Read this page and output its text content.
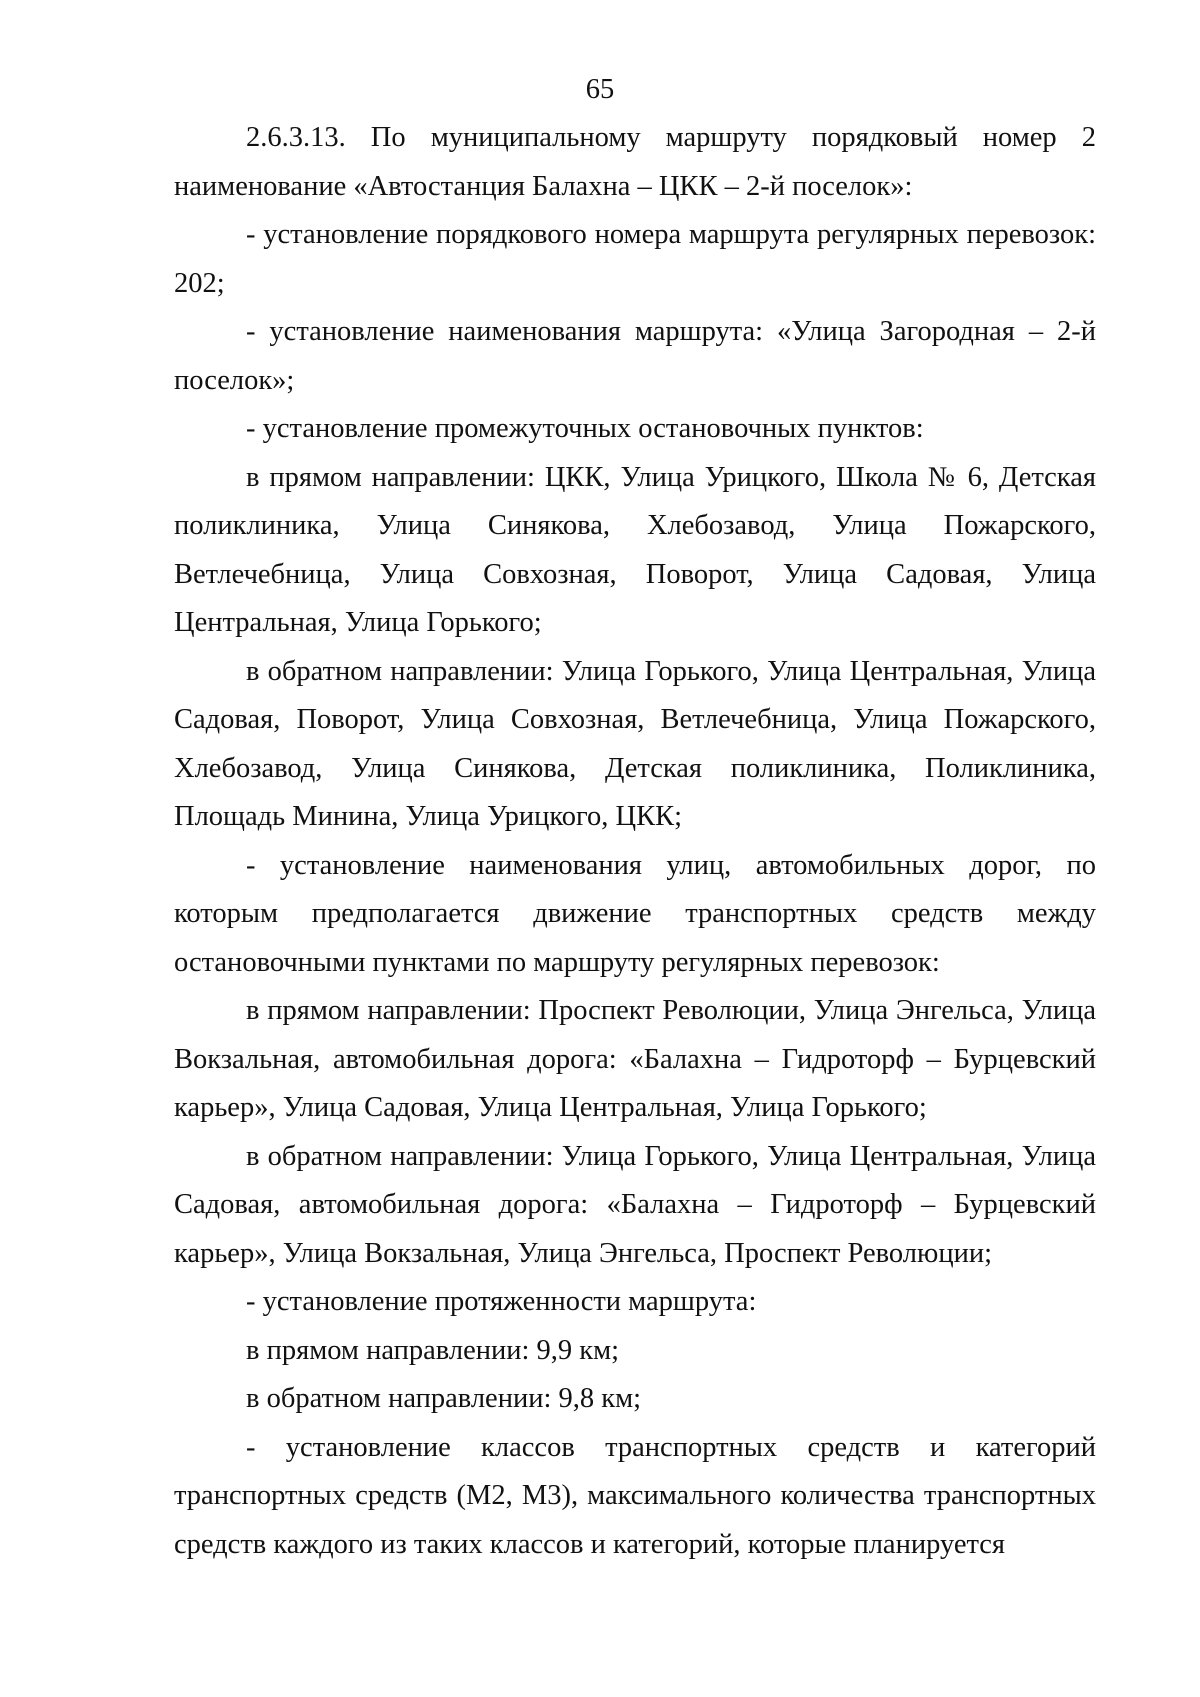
65

2.6.3.13. По муниципальному маршруту порядковый номер 2 наименование «Автостанция Балахна – ЦКК – 2-й поселок»:

- установление порядкового номера маршрута регулярных перевозок: 202;

- установление наименования маршрута: «Улица Загородная – 2-й поселок»;

- установление промежуточных остановочных пунктов:

в прямом направлении: ЦКК, Улица Урицкого, Школа № 6, Детская поликлиника, Улица Синякова, Хлебозавод, Улица Пожарского, Ветлечебница, Улица Совхозная, Поворот, Улица Садовая, Улица Центральная, Улица Горького;

в обратном направлении: Улица Горького, Улица Центральная, Улица Садовая, Поворот, Улица Совхозная, Ветлечебница, Улица Пожарского, Хлебозавод, Улица Синякова, Детская поликлиника, Поликлиника, Площадь Минина, Улица Урицкого, ЦКК;

- установление наименования улиц, автомобильных дорог, по которым предполагается движение транспортных средств между остановочными пунктами по маршруту регулярных перевозок:

в прямом направлении: Проспект Революции, Улица Энгельса, Улица Вокзальная, автомобильная дорога: «Балахна – Гидроторф – Бурцевский карьер», Улица Садовая, Улица Центральная, Улица Горького;

в обратном направлении: Улица Горького, Улица Центральная, Улица Садовая, автомобильная дорога: «Балахна – Гидроторф – Бурцевский карьер», Улица Вокзальная, Улица Энгельса, Проспект Революции;

- установление протяженности маршрута:

в прямом направлении: 9,9 км;

в обратном направлении: 9,8 км;

- установление классов транспортных средств и категорий транспортных средств (М2, М3), максимального количества транспортных средств каждого из таких классов и категорий, которые планируется
